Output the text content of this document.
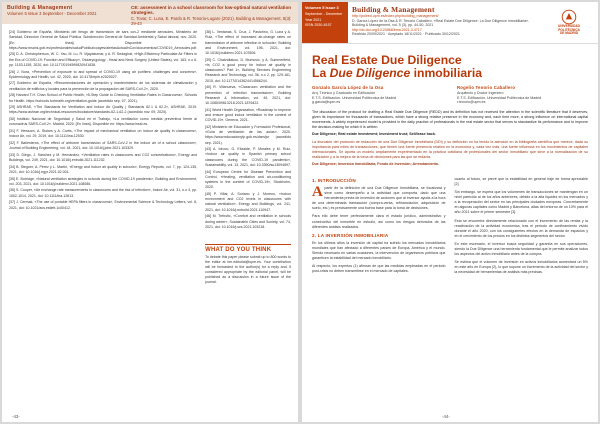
Building & Management
Volumen 5 Issue 3 September - December 2021
CE: assessment in a school classroom for low-optimal natural ventilation strategies.
C. Tovar, C. Luna, E. Pardo & R. Tenorio-Lugaro (2021). Building & Management, 5(3): 29-43

[24] Gobierno de España, Ministerio del riesgo de transmisión de sars cov-2 mediante aerosoles. Ministerio de Sanidad, Dirección General de Salud Pública. Subdirección General de Sanidad Ambiental y Salud laboral, nov. 2020. [En línea]. Disponible en: https://www.mscbs.gob.es/profesionales/saludPublica/ccayes/alertasActual/nCov/documentos/COVID19_Aerosoles.pdf.

[25] D. A. Christopherson, W. C. Yao, M. Lu, R. Vijayakumar, y A. R. Sedaghat, «High-Efficiency Particulate Air Filters in the Era of COVID-19: Function and Efficacy», Otolaryngology - Head and Neck Surgery (United States), vol. 163, n.o 6. pp. 1153-1155, 2020, doi: 10.1177/0194599820941838.

[26] J. Nora, «Prevention of exposure to and spread of COVID-19 using air purifiers: challenges and concerns», Epidemiology and Health, vol. 42, 2020, doi: 10.4178/epih.e2020027.

[27] Gobierno de España, «Recomendaciones de operación y mantenimiento de los sistemas de climatización y ventilación de edificios y locales para la prevención de la propagación del SARS-CoV-2», 2020.

[28] Harvard T.H. Chan School of Public Health, «5-Step Guide to Checking Ventilation Rates in Classrooms», Schools for Health. https://schools.forhealth.org/ventilation-guide (accedido sep. 07, 2021).

[29] ASHRAE, «The Standards for Ventilation and Indoor Air Quality | Standards 62.1 & 62.2», ASHRAE, 2019. https://www.ashrae.org/technical-resources/bookstore/standards-62-1-62-2 (accedido nov. 09, 2020).

[30] Instituto Nacional de Seguridad y Salud en el Trabajo, «La ventilación como medida preventiva frente al coronavirus SARS-CoV-2». Madrid, 2020. [En línea]. Disponible en: https://www.insst.es.

[31] F. Hewsom, A. Stokes y A. Curtis, «The impact of mechanical ventilation on indoor air quality in classrooms», Indoor Air, vol. 29, 2019, doi: 10.1111/ina.12530.

[32] F. Ballesteros, «The effect of airborne transmission of SARS-CoV-2 in the indoor air of a school classroom», Journal of Building Engineering, vol. 44, 2021, doi: 10.1016/j.jobe.2021.103329.

[33] D. Diego, J. Sánchez y M. Hernández, «Ventilation rates in classrooms and CO2 concentrations», Energy and Buildings, vol. 249, 2021, doi: 10.1016/j.enbuild.2021.111232.

[34] B. Steguer, A. Pérez y L. Martín, «Energy and indoor air quality in schools», Energy Reports, vol. 7, pp. 124-135, 2021, doi: 10.1016/j.egyr.2021.02.001.

[35] E. Burridge, «Natural ventilation strategies in schools during the COVID-19 pandemic», Building and Environment, vol. 203, 2021, doi: 10.1016/j.buildenv.2021.108086.

[36] S. Cooper, «Air exchange rate measurements in classrooms and the risk of infection», Indoor Air, vol. 31, n.o 4, pp. 1002-1014, 2021, doi: 10.1111/ina.12813.

[37] J. Cermak, «The use of portable HEPA filters in classrooms», Environmental Science & Technology Letters, vol. 8, 2021, doi: 10.1021/acs.estlett.1c00412.

[38] L. Ventanas, S. Cruz, J. Pastorino, G. Luna y A. Ruiz, «The effect of increased air-change rates on transmission of airborne infection in schools», Building and Environment, vol. 196, 2021, doi: 10.1016/j.buildenv.2021.107806.

[39] C. Chatzidiakou, D. Mumovic, y A. Summerfield, «Is CO2 a good proxy for indoor air quality in classrooms? Part 1», Building Services Engineering Research and Technology, vol. 36, n.o 2, pp. 129-161, 2015, doi: 10.1177/0143624414566244.

[40] R. Villanueva, «Classroom ventilation and the prevention of infection transmission», Building Research & Information, vol. 49, 2021, doi: 10.1080/09613218.2021.1876422.

[41] World Health Organization, «Roadmap to improve and ensure good indoor ventilation in the context of COVID-19», Geneva, 2021.

[42] Ministerio de Educación y Formación Profesional, «Guía de ventilación de las aulas», 2020. https://www.educacionyfp.gob.es/dam/jcr (accedido sep. 2021).

[43] A. Idrovo, G. Elizalde, P. Morales y M. Ruiz, «Indoor air quality in Spanish primary school classrooms during the COVID-19 pandemic», Sustainability, vol. 13, 2021, doi: 10.3390/su13094897.

[44] European Centre for Disease Prevention and Control, «Heating, ventilation and air-conditioning systems in the context of COVID-19», Stockholm, 2020.

[45] P. Villar, A. Soriano y J. Moreno, «Indoor environment and CO2 levels in classrooms with natural ventilation», Energy and Buildings, vol. 241, 2021, doi: 10.1016/j.enbuild.2021.110947.

[46] M. Trebotic, «Comfort and ventilation in schools during winter», Sustainable Cities and Society, vol. 74, 2021, doi: 10.1016/j.scs.2021.103218.

WHAT DO YOU THINK

To debate this paper please submit up to 800 words to the editor at bm.editorial@upm.es. Your contribution will be forwarded to the author(s) for a reply and, if considered appropriate by the editorial panel, will be published as a discussion in a future issue of the journal.

-43-
Volumen 5 Issue 3
September - December
Year 2021
ISSN 2530-8157
Building & Management
http://polired.upm.es/index.php/building_management/
D. García López de la Osa & R. Tenorio Caballero. «Real Estate Due Diligence. La Due Diligence inmobiliaria».
Building & Management, vol. 5 (3), pp. 44-50, 2021
http://dx.doi.org/10.20868/bma.2021.3.4717
Recibido 20/09/2021 · Aceptado 18/11/2021 · Publicado 30/12/2021
UNIVERSIDAD
POLITÉCNICA
DE MADRID
Real Estate Due Diligence
La Due Diligence inmobiliaria
Gonzalo García López de la Osa
Arq. Técnico y Graduado en Edificación
E.T.S. Edificación. Universidad Politécnica de Madrid
g.garcia@upm.es
Rogelio Tenorio Caballero
Arquitecto y Doctor Ingeniero
E.T.S. Edificación. Universidad Politécnica de Madrid
r.tenorio@upm.es

The discussion of the protocol for drafting a Real Estate Due Diligence (REDD) and its definition has not received the attention in the scientific literature that it deserves, given its importance for thousands of transactions, which have a strong relative presence in the economy and, each time more, a strong influence on international capital movements. A widely experienced model is provided in the daily practice of professionals in the real estate sector that serves to standardize its performance and to improve the decision-making for which it is written.

Due Diligence; Real estate investment; Investment trust; Sell/lease back.

La discusión del protocolo de redacción de una Due Diligence Inmobiliaria (DDI) y su definición no ha tenido la atención en la bibliografía científica que merece, dada su importancia para miles de transacciones, que tienen una fuerte presencia relativa en la economía y, cada vez más, una fuerte influencia en los movimientos de capitales internacionales. Se aporta un modelo ampliamente experimentado en la práctica cotidiana de profesionales del sector inmobiliario que sirve a la normalización de su realización y a la mejora de la toma de decisiones para las que se redacta.

Due Diligence; Inversión inmobiliaria; Fondo de inversión; Arrendamiento.

1. INTRODUCCIÓN

Apartir de la definición de una Due Diligence Inmobiliaria, se focalizará y sirve como desempeño a la actividad que comporta, dado que una herramienta previa de inversión de acciones que al inversor ayuda a la hora de una determinada transacción (compra-venta, refinanciación, adquisición de suelo, etc.) es precisamente una buena base para la toma de decisiones.

Para ello debe tener perfectamente clara el estado jurídico, administrativo y constructivo del inmueble en estudio, así como los riesgos derivados de las diferentes análisis realizados.

2. LA INVERSIÓN INMOBILIARIA

En los últimos años la inversión de capital ha sufrido los mercados inmobiliarios mundiales que han afectado a diferentes países de Europa, América y el mundo. Siendo necesario en varias ocasiones, la intervención de organismos públicos que garanticen la estabilidad del mercado inmobiliario.

Al respecto, los expertos (1) afirman de que las medidas empleadas en el periodo post-crisis no deben transmitirse en el mercado de capitales.

cuanto al futuro, se prevé que la estabilidad en general baje de forma apreciable [2].

Sin embargo, se espera que los volúmenes de transacciones se mantengan en un nivel parecido al de los años anteriores, debido a la alta liquidez en los mercados y a la recuperación del sector en las principales ciudades europeas. Concretamente en algunas capitales como Madrid y Barcelona, altas del entorno de un 10% para el año 2021 sobre el primer semestre [3].

Esto se encuentra directamente relacionado con el incremento de las rentas y la reactivación de la actividad económica, tras el periodo de confinamiento vivido durante el año 2020, con los consiguientes efectos en la demanda de espacios y en el crecimiento de los precios en los distintos segmentos del sector.

En este escenario, el inversor busca seguridad y garantía en sus operaciones, siendo la Due Diligence una herramienta fundamental que le permite analizar todos los aspectos del activo inmobiliario antes de la compra.

Se estima que el volumen de inversión en activos inmobiliarios aumentará un 5% en este año en Europa (2), lo que supone un incremento de la actividad del sector y la necesidad de herramientas de análisis más precisas.

-44-
